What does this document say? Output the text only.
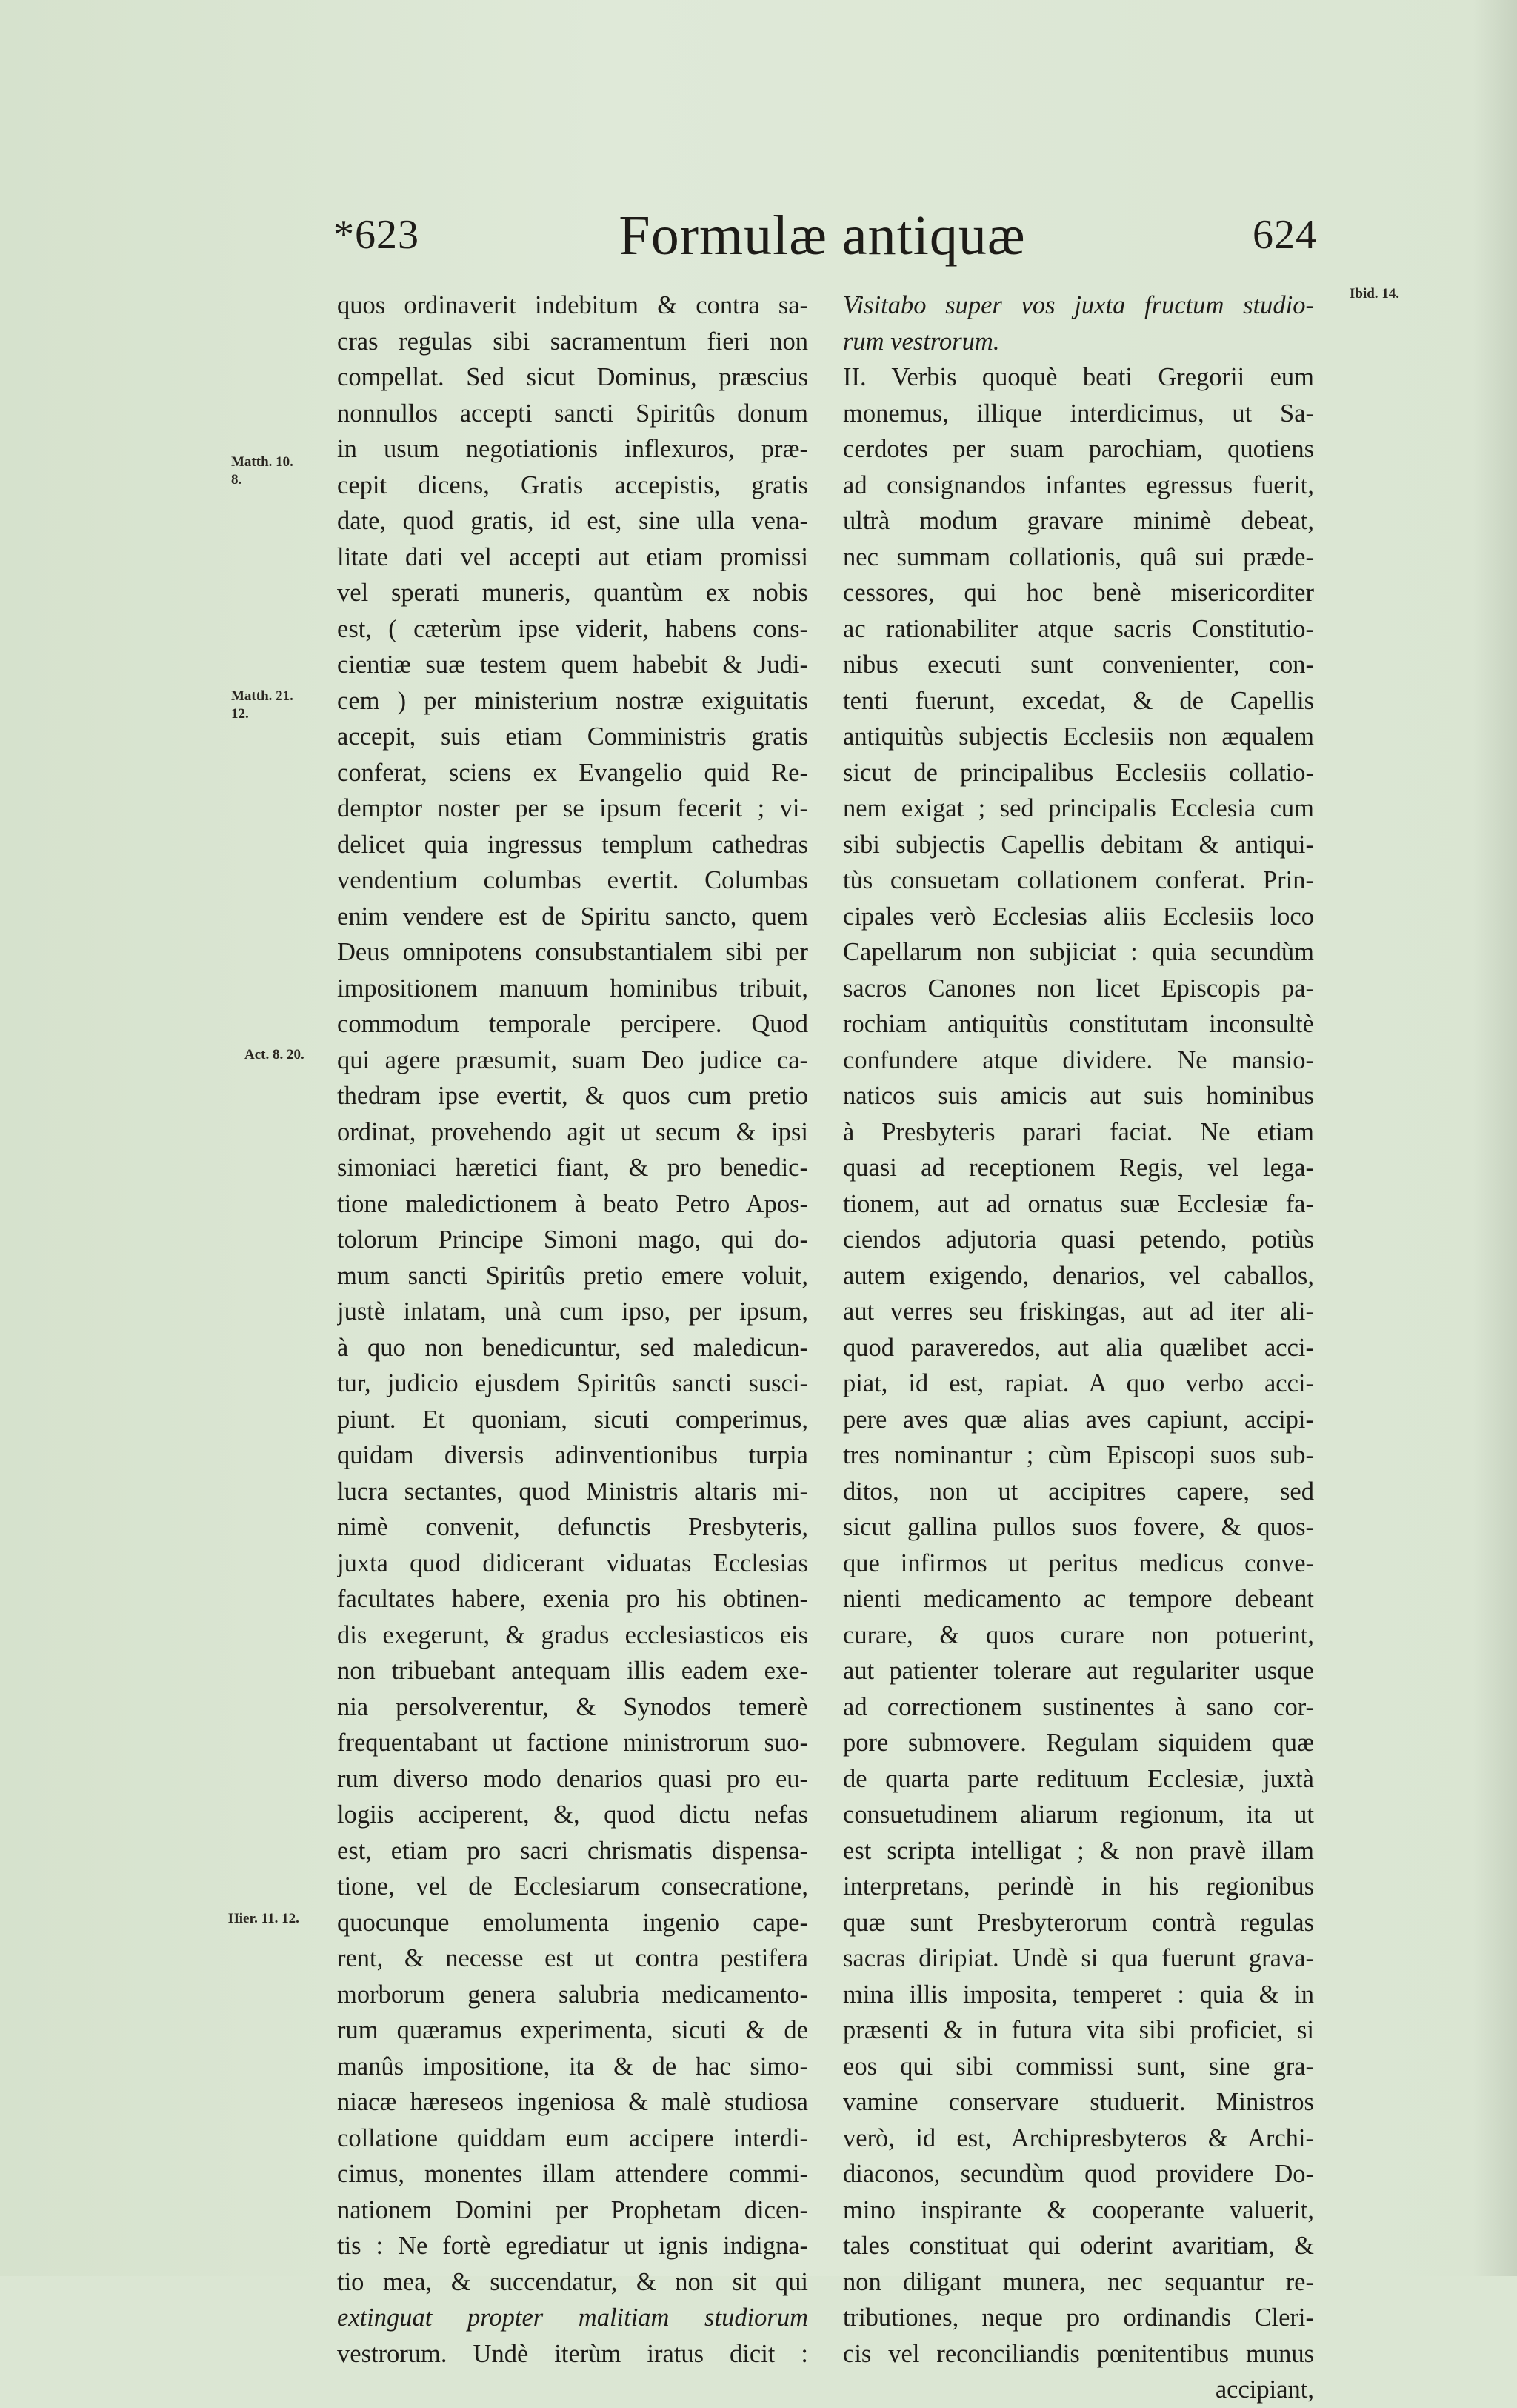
*623	Formulæ antiquæ	624
Matth. 10. 8.
Matth. 21. 12.
Act. 8. 20.
Hier. 11. 12.
Ibid. 14.
quos ordinaverit indebitum & contra sa-
cras regulas sibi sacramentum fieri non
compellat. Sed sicut Dominus, præscius
nonnullos accepti sancti Spiritûs donum
in usum negotiationis inflexuros, præ-
cepit dicens, Gratis accepistis, gratis
date, quod gratis, id est, sine ulla vena-
litate dati vel accepti aut etiam promissi
vel sperati muneris, quantùm ex nobis
est, ( cæterùm ipse viderit, habens cons-
cientiæ suæ testem quem habebit & Judi-
cem ) per ministerium nostræ exiguitatis
accepit, suis etiam Comministris gratis
conferat, sciens ex Evangelio quid Re-
demptor noster per se ipsum fecerit ; vi-
delicet quia ingressus templum cathedras
vendentium columbas evertit. Columbas
enim vendere est de Spiritu sancto, quem
Deus omnipotens consubstantialem sibi per
impositionem manuum hominibus tribuit,
commodum temporale percipere. Quod
qui agere præsumit, suam Deo judice ca-
thedram ipse evertit, & quos cum pretio
ordinat, provehendo agit ut secum & ipsi
simoniaci hæretici fiant, & pro benedic-
tione maledictionem à beato Petro Apos-
tolorum Principe Simoni mago, qui do-
mum sancti Spiritûs pretio emere voluit,
justè inlatam, unà cum ipso, per ipsum,
à quo non benedicuntur, sed maledicun-
tur, judicio ejusdem Spiritûs sancti susci-
piunt. Et quoniam, sicuti comperimus,
quidam diversis adinventionibus turpia
lucra sectantes, quod Ministris altaris mi-
nimè convenit, defunctis Presbyteris,
juxta quod didicerant viduatas Ecclesias
facultates habere, exenia pro his obtinen-
dis exegerunt, & gradus ecclesiasticos eis
non tribuebant antequam illis eadem exe-
nia persolverentur, & Synodos temerè
frequentabant ut factione ministrorum suo-
rum diverso modo denarios quasi pro eu-
logiis acciperent, &, quod dictu nefas
est, etiam pro sacri chrismatis dispensa-
tione, vel de Ecclesiarum consecratione,
quocunque emolumenta ingenio cape-
rent, & necesse est ut contra pestifera
morborum genera salubria medicamento-
rum quæramus experimenta, sicuti & de
manûs impositione, ita & de hac simo-
niacæ hæreseos ingeniosa & malè studiosa
collatione quiddam eum accipere interdi-
cimus, monentes illam attendere commi-
nationem Domini per Prophetam dicen-
tis : Ne fortè egrediatur ut ignis indigna-
tio mea, & succendatur, & non sit qui
extinguat propter malitiam studiorum
vestrorum. Undè iterùm iratus dicit :
Visitabo super vos juxta fructum studio-
rum vestrorum.
II. Verbis quoquè beati Gregorii eum
monemus, illique interdicimus, ut Sa-
cerdotes per suam parochiam, quotiens
ad consignandos infantes egressus fuerit,
ultrà modum gravare minimè debeat,
nec summam collationis, quâ sui præde-
cessores, qui hoc benè misericorditer
ac rationabiliter atque sacris Constitutio-
nibus executi sunt convenienter, con-
tenti fuerunt, excedat, & de Capellis
antiquitùs subjectis Ecclesiis non æqualem
sicut de principalibus Ecclesiis collatio-
nem exigat ; sed principalis Ecclesia cum
sibi subjectis Capellis debitam & antiqui-
tùs consuetam collationem conferat. Prin-
cipales verò Ecclesias aliis Ecclesiis loco
Capellarum non subjiciat : quia secundùm
sacros Canones non licet Episcopis pa-
rochiam antiquitùs constitutam inconsultè
confundere atque dividere. Ne mansio-
naticos suis amicis aut suis hominibus
à Presbyteris parari faciat. Ne etiam
quasi ad receptionem Regis, vel lega-
tionem, aut ad ornatus suæ Ecclesiæ fa-
ciendos adjutoria quasi petendo, potiùs
autem exigendo, denarios, vel caballos,
aut verres seu friskingas, aut ad iter ali-
quod paraveredos, aut alia quælibet acci-
piat, id est, rapiat. A quo verbo acci-
pere aves quæ alias aves capiunt, accipi-
tres nominantur ; cùm Episcopi suos sub-
ditos, non ut accipitres capere, sed
sicut gallina pullos suos fovere, & quos-
que infirmos ut peritus medicus conve-
nienti medicamento ac tempore debeant
curare, & quos curare non potuerint,
aut patienter tolerare aut regulariter usque
ad correctionem sustinentes à sano cor-
pore submovere. Regulam siquidem quæ
de quarta parte redituum Ecclesiæ, juxtà
consuetudinem aliarum regionum, ita ut
est scripta intelligat ; & non pravè illam
interpretans, perindè in his regionibus
quæ sunt Presbyterorum contrà regulas
sacras diripiat. Undè si qua fuerunt grava-
mina illis imposita, temperet : quia & in
præsenti & in futura vita sibi proficiet, si
eos qui sibi commissi sunt, sine gra-
vamine conservare studuerit. Ministros
verò, id est, Archipresbyteros & Archi-
diaconos, secundùm quod providere Do-
mino inspirante & cooperante valuerit,
tales constituat qui oderint avaritiam, &
non diligant munera, nec sequantur re-
tributiones, neque pro ordinandis Cleri-
cis vel reconciliandis pœnitentibus munus
accipiant,
